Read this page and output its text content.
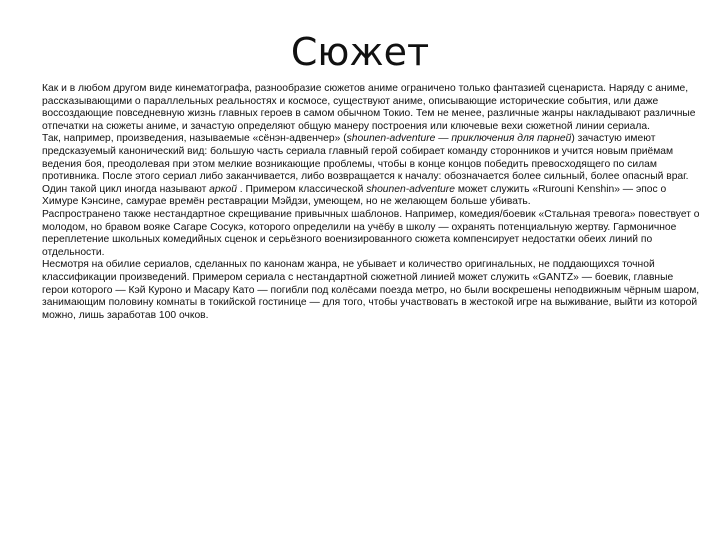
Сюжет

Как и в любом другом виде кинематографа, разнообразие сюжетов аниме ограничено только фантазией сценариста. Наряду с аниме, рассказывающими о параллельных реальностях и космосе, существуют аниме, описывающие исторические события, или даже воссоздающие повседневную жизнь главных героев в самом обычном Токио. Тем не менее, различные жанры накладывают различные отпечатки на сюжеты аниме, и зачастую определяют общую манеру построения или ключевые вехи сюжетной линии сериала.

Так, например, произведения, называемые «сёнэн-адвенчер» (shounen-adventure — приключения для парней) зачастую имеют предсказуемый канонический вид: большую часть сериала главный герой собирает команду сторонников и учится новым приёмам ведения боя, преодолевая при этом мелкие возникающие проблемы, чтобы в конце концов победить превосходящего по силам противника. После этого сериал либо заканчивается, либо возвращается к началу: обозначается более сильный, более опасный враг. Один такой цикл иногда называют аркой . Примером классической shounen-adventure может служить «Rurouni Kenshin» — эпос о Химуре Кэнсине, самурае времён реставрации Мэйдзи, умеющем, но не желающем больше убивать.

Распространено также нестандартное скрещивание привычных шаблонов. Например, комедия/боевик «Стальная тревога» повествует о молодом, но бравом вояке Сагаре Сосукэ, которого определили на учёбу в школу — охранять потенциальную жертву. Гармоничное переплетение школьных комедийных сценок и серьёзного военизированного сюжета компенсирует недостатки обеих линий по отдельности.

Несмотря на обилие сериалов, сделанных по канонам жанра, не убывает и количество оригинальных, не поддающихся точной классификации произведений. Примером сериала с нестандартной сюжетной линией может служить «GANTZ» — боевик, главные герои которого — Кэй Куроно и Масару Като — погибли под колёсами поезда метро, но были воскрешены неподвижным чёрным шаром, занимающим половину комнаты в токийской гостинице — для того, чтобы участвовать в жестокой игре на выживание, выйти из которой можно, лишь заработав 100 очков.
